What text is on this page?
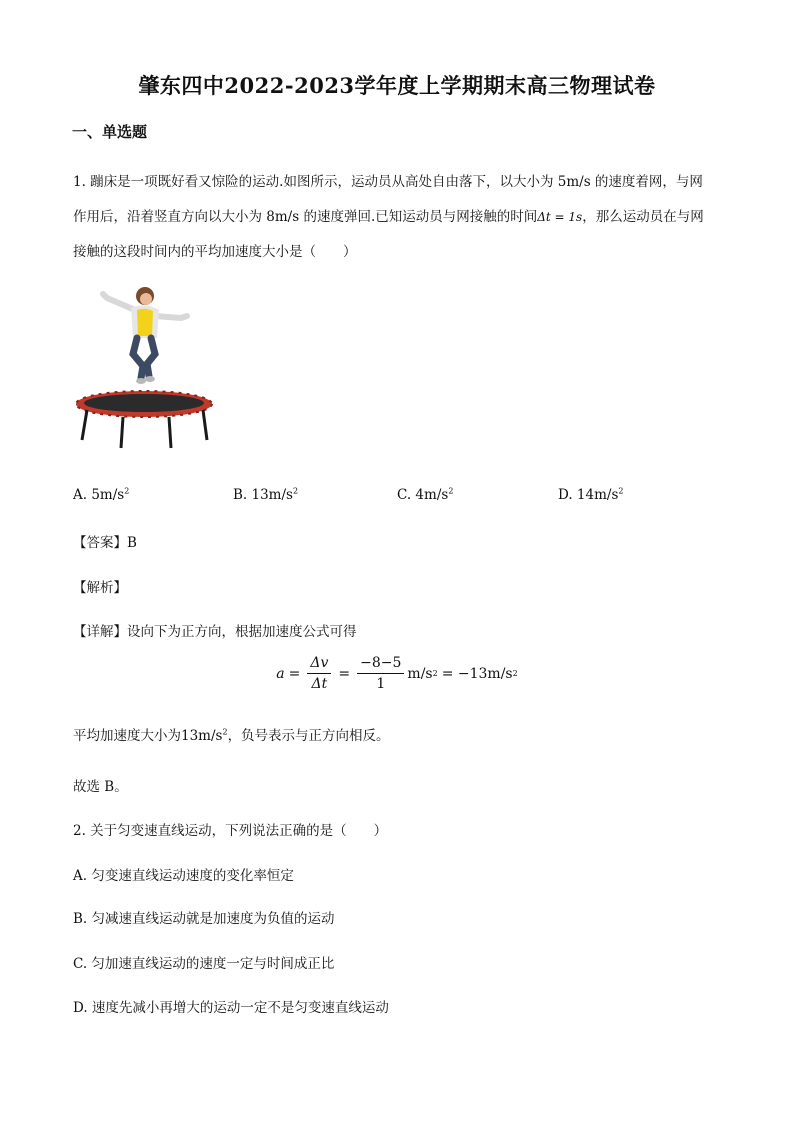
肇东四中2022-2023学年度上学期期末高三物理试卷
一、单选题
1. 蹦床是一项既好看又惊险的运动.如图所示，运动员从高处自由落下，以大小为 5m/s 的速度着网，与网
作用后，沿着竖直方向以大小为 8m/s 的速度弹回.已知运动员与网接触的时间Δt = 1s，那么运动员在与网
接触的这段时间内的平均加速度大小是（　　）
A. $5m/s^2$	B. $13m/s^2$	C. $4m/s^2$	D. $14m/s^2$
【答案】B
【解析】
【详解】设向下为正方向，根据加速度公式可得
$a = \frac{\Delta v}{\Delta t} = \frac{-8-5}{1} m/s$ 2 = −13m/s 2
平均加速度大小为$13m/s^2$，负号表示与正方向相反。
故选 B。
2. 关于匀变速直线运动，下列说法正确的是（　　）
A. 匀变速直线运动速度的变化率恒定
B. 匀减速直线运动就是加速度为负值的运动
C. 匀加速直线运动的速度一定与时间成正比
D. 速度先减小再增大的运动一定不是匀变速直线运动
